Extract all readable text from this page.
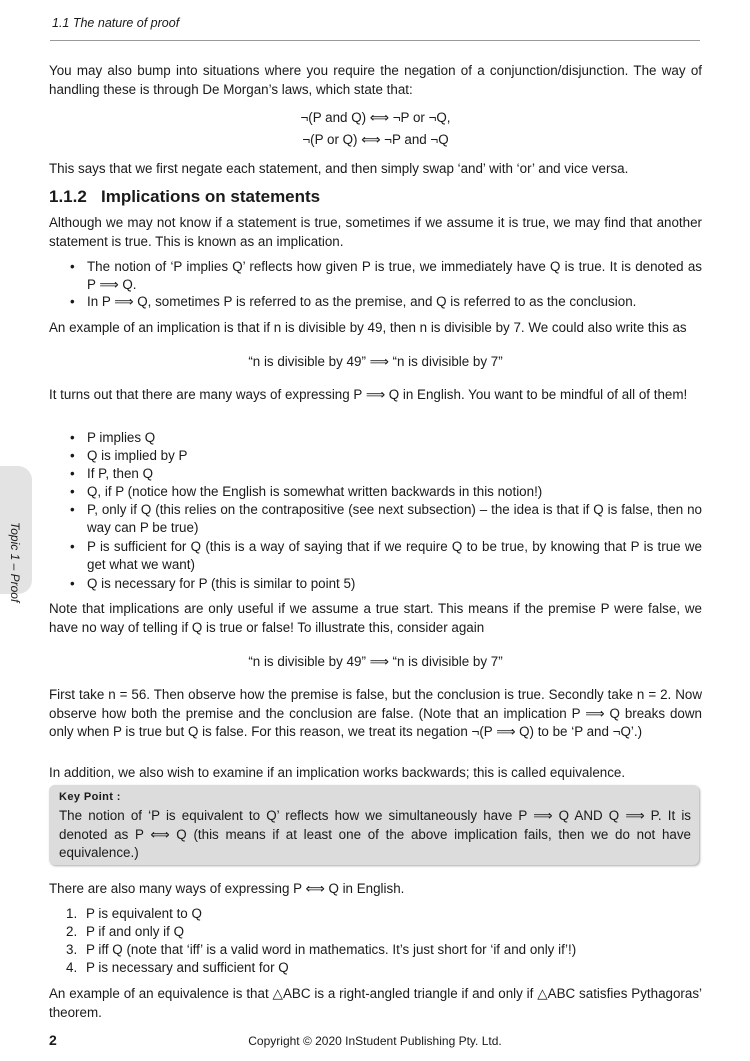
1.1 The nature of proof
You may also bump into situations where you require the negation of a conjunction/disjunction. The way of handling these is through De Morgan’s laws, which state that:
¬(P and Q) ⟺ ¬P or ¬Q,
¬(P or Q) ⟺ ¬P and ¬Q
This says that we first negate each statement, and then simply swap ‘and’ with ‘or’ and vice versa.
1.1.2 Implications on statements
Although we may not know if a statement is true, sometimes if we assume it is true, we may find that another statement is true. This is known as an implication.
• The notion of ‘P implies Q’ reflects how given P is true, we immediately have Q is true. It is denoted as P ⟹ Q.
• In P ⟹ Q, sometimes P is referred to as the premise, and Q is referred to as the conclusion.
An example of an implication is that if n is divisible by 49, then n is divisible by 7. We could also write this as
“n is divisible by 49” ⟹ “n is divisible by 7”
It turns out that there are many ways of expressing P ⟹ Q in English. You want to be mindful of all of them!
• P implies Q
• Q is implied by P
• If P, then Q
• Q, if P (notice how the English is somewhat written backwards in this notion!)
• P, only if Q (this relies on the contrapositive (see next subsection) – the idea is that if Q is false, then no way can P be true)
• P is sufficient for Q (this is a way of saying that if we require Q to be true, by knowing that P is true we get what we want)
• Q is necessary for P (this is similar to point 5)
Note that implications are only useful if we assume a true start. This means if the premise P were false, we have no way of telling if Q is true or false! To illustrate this, consider again
“n is divisible by 49” ⟹ “n is divisible by 7”
First take n = 56. Then observe how the premise is false, but the conclusion is true. Secondly take n = 2. Now observe how both the premise and the conclusion are false. (Note that an implication P ⟹ Q breaks down only when P is true but Q is false. For this reason, we treat its negation ¬(P ⟹ Q) to be ‘P and ¬Q’.)
In addition, we also wish to examine if an implication works backwards; this is called equivalence.
Key Point :
The notion of ‘P is equivalent to Q’ reflects how we simultaneously have P ⟹ Q AND Q ⟹ P. It is denoted as P ⟺ Q (this means if at least one of the above implication fails, then we do not have equivalence.)
There are also many ways of expressing P ⟺ Q in English.
1. P is equivalent to Q
2. P if and only if Q
3. P iff Q (note that ‘iff’ is a valid word in mathematics. It’s just short for ‘if and only if’!)
4. P is necessary and sufficient for Q
An example of an equivalence is that △ABC is a right-angled triangle if and only if △ABC satisfies Pythagoras’ theorem.
2	Copyright © 2020 InStudent Publishing Pty. Ltd.
